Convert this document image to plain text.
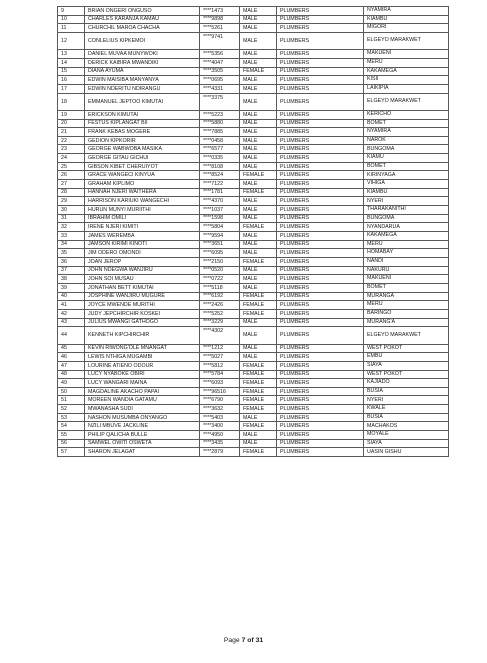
9	BRIAN ONGERI ONGUSO	****1473	MALE	PLUMBERS	NYAMIRA
10	CHARLES KARANJA KAMAU	****9898	MALE	PLUMBERS	KIAMBU
11	CHURCHIL MAROA CHACHA	****5261	MALE	PLUMBERS	MIGORI
12	CONLELIUS KIPKEMOI	****9741	MALE	PLUMBERS	ELGEYO MARAKWET
13	DANIEL MUVAA MUNYWOKI	****5356	MALE	PLUMBERS	MAKUENI
14	DERICK KAIBIRA MWANDIKI	****4047	MALE	PLUMBERS	MERU
15	DIANA AYUMA	****3505	FEMALE	PLUMBERS	KAKAMEGA
16	EDWIN MAISIBA MANYANYA	****0695	MALE	PLUMBERS	KISII
17	EDWIN NDERITU NDIRANGU	****4331	MALE	PLUMBERS	LAIKIPIA
18	EMMANUEL JEPTOO KIMUTAI	****3375	MALE	PLUMBERS	ELGEYO MARAKWET
19	ERICKSON KIMUTAI	****5223	MALE	PLUMBERS	KERICHO
20	FESTUS KIPLANGAT BII	****5880	MALE	PLUMBERS	BOMET
21	FRANK KEBAS MOGERE	****7885	MALE	PLUMBERS	NYAMIRA
22	GEDION KIPKORIR	****0458	MALE	PLUMBERS	NAROK
23	GEORGE WABWOBA MASIKA	****6577	MALE	PLUMBERS	BUNGOMA
24	GEORGE GITAU GICHUI	****0335	MALE	PLUMBERS	KIAMU
25	GIBSON KIBET CHERUIYOT	****8108	MALE	PLUMBERS	BOMET
26	GRACE WANGECI KINYUA	****8524	FEMALE	PLUMBERS	KIRINYAGA
27	GRAHAM KIPLIMO	****7122	MALE	PLUMBERS	VIHIGA
28	HANNAH NJERI WAITHERA	****1781	FEMALE	PLUMBERS	KIAMBU
29	HARRISON KARIUKI WANGECHI	****4370	MALE	PLUMBERS	NYERI
30	HURUN MUNYI MURIITHI	****1037	MALE	PLUMBERS	THARAKANITHI
31	IBRAHIM OMILI	****1598	MALE	PLUMBERS	BUNGOMA
32	IRENE NJERI KIMITI	****5804	FEMALE	PLUMBERS	NYANDARUA
33	JAMES WEREMBA	****9594	MALE	PLUMBERS	KAKAMEGA
34	JAMSON KIRIMI KINOTI	****3651	MALE	PLUMBERS	MERU
35	JIM ODERO OMONDI	****6095	MALE	PLUMBERS	HOMABAY
36	JOAN JEROP	****2150	FEMALE	PLUMBERS	NANDI
37	JOHN NDEGWA WANJIRU	****0520	MALE	PLUMBERS	NAKURU
38	JOHN SOI MUSAU	****0722	MALE	PLUMBERS	MAKUENI
39	JONATHAN BETT KIMUTAI	****5118	MALE	PLUMBERS	BOMET
40	JOSPHINE WANJIRU MUGURE	****6192	FEMALE	PLUMBERS	MURANGA
41	JOYCE MWENDE MURITHI	****2426	FEMALE	PLUMBERS	MERU
42	JUDY JEPCHIRCHIR KOSKEI	****5252	FEMALE	PLUMBERS	BARINGO
43	JULIUS MWANGI GATHOGO	****3229	MALE	PLUMBERS	MURANG'A
44	KENNETH KIPCHIRCHIR	****4302	MALE	PLUMBERS	ELGEYO MARAKWET
45	KEVIN RIWONG'OLE MNANGAT	****1212	MALE	PLUMBERS	WEST POKOT
46	LEWIS NTHIGA MUGAMBI	****5027	MALE	PLUMBERS	EMBU
47	LOURINE ATIENO ODOUR	****5812	FEMALE	PLUMBERS	SIAYA
48	LUCY NYABOKE OBIRI	****5784	FEMALE	PLUMBERS	WEST POKOT
49	LUCY WANGARI MAINA	****6093	FEMALE	PLUMBERS	KAJIADO
50	MAGDALINE AKACHO PAPAI	****96516	FEMALE	PLUMBERS	BUSIA
51	MOREEN WANDIA GATAMU	****6790	FEMALE	PLUMBERS	NYERI
52	MWANASHA SUDI	****3632	FEMALE	PLUMBERS	KWALE
53	NASHON MUSUMBA ONYANGO	****5403	MALE	PLUMBERS	BUSIA
54	NZILI MBUVE JACKLINE	****3400	FEMALE	PLUMBERS	MACHAKOS
55	PHILIP QALICHA BULLE	****4950	MALE	PLUMBERS	MOYALE
56	SAMWEL OWITI OSWETA	****3435	MALE	PLUMBERS	SIAYA
57	SHARON JELAGAT	****2879	FEMALE	PLUMBERS	UASIN GISHU
Page 7 of 31
